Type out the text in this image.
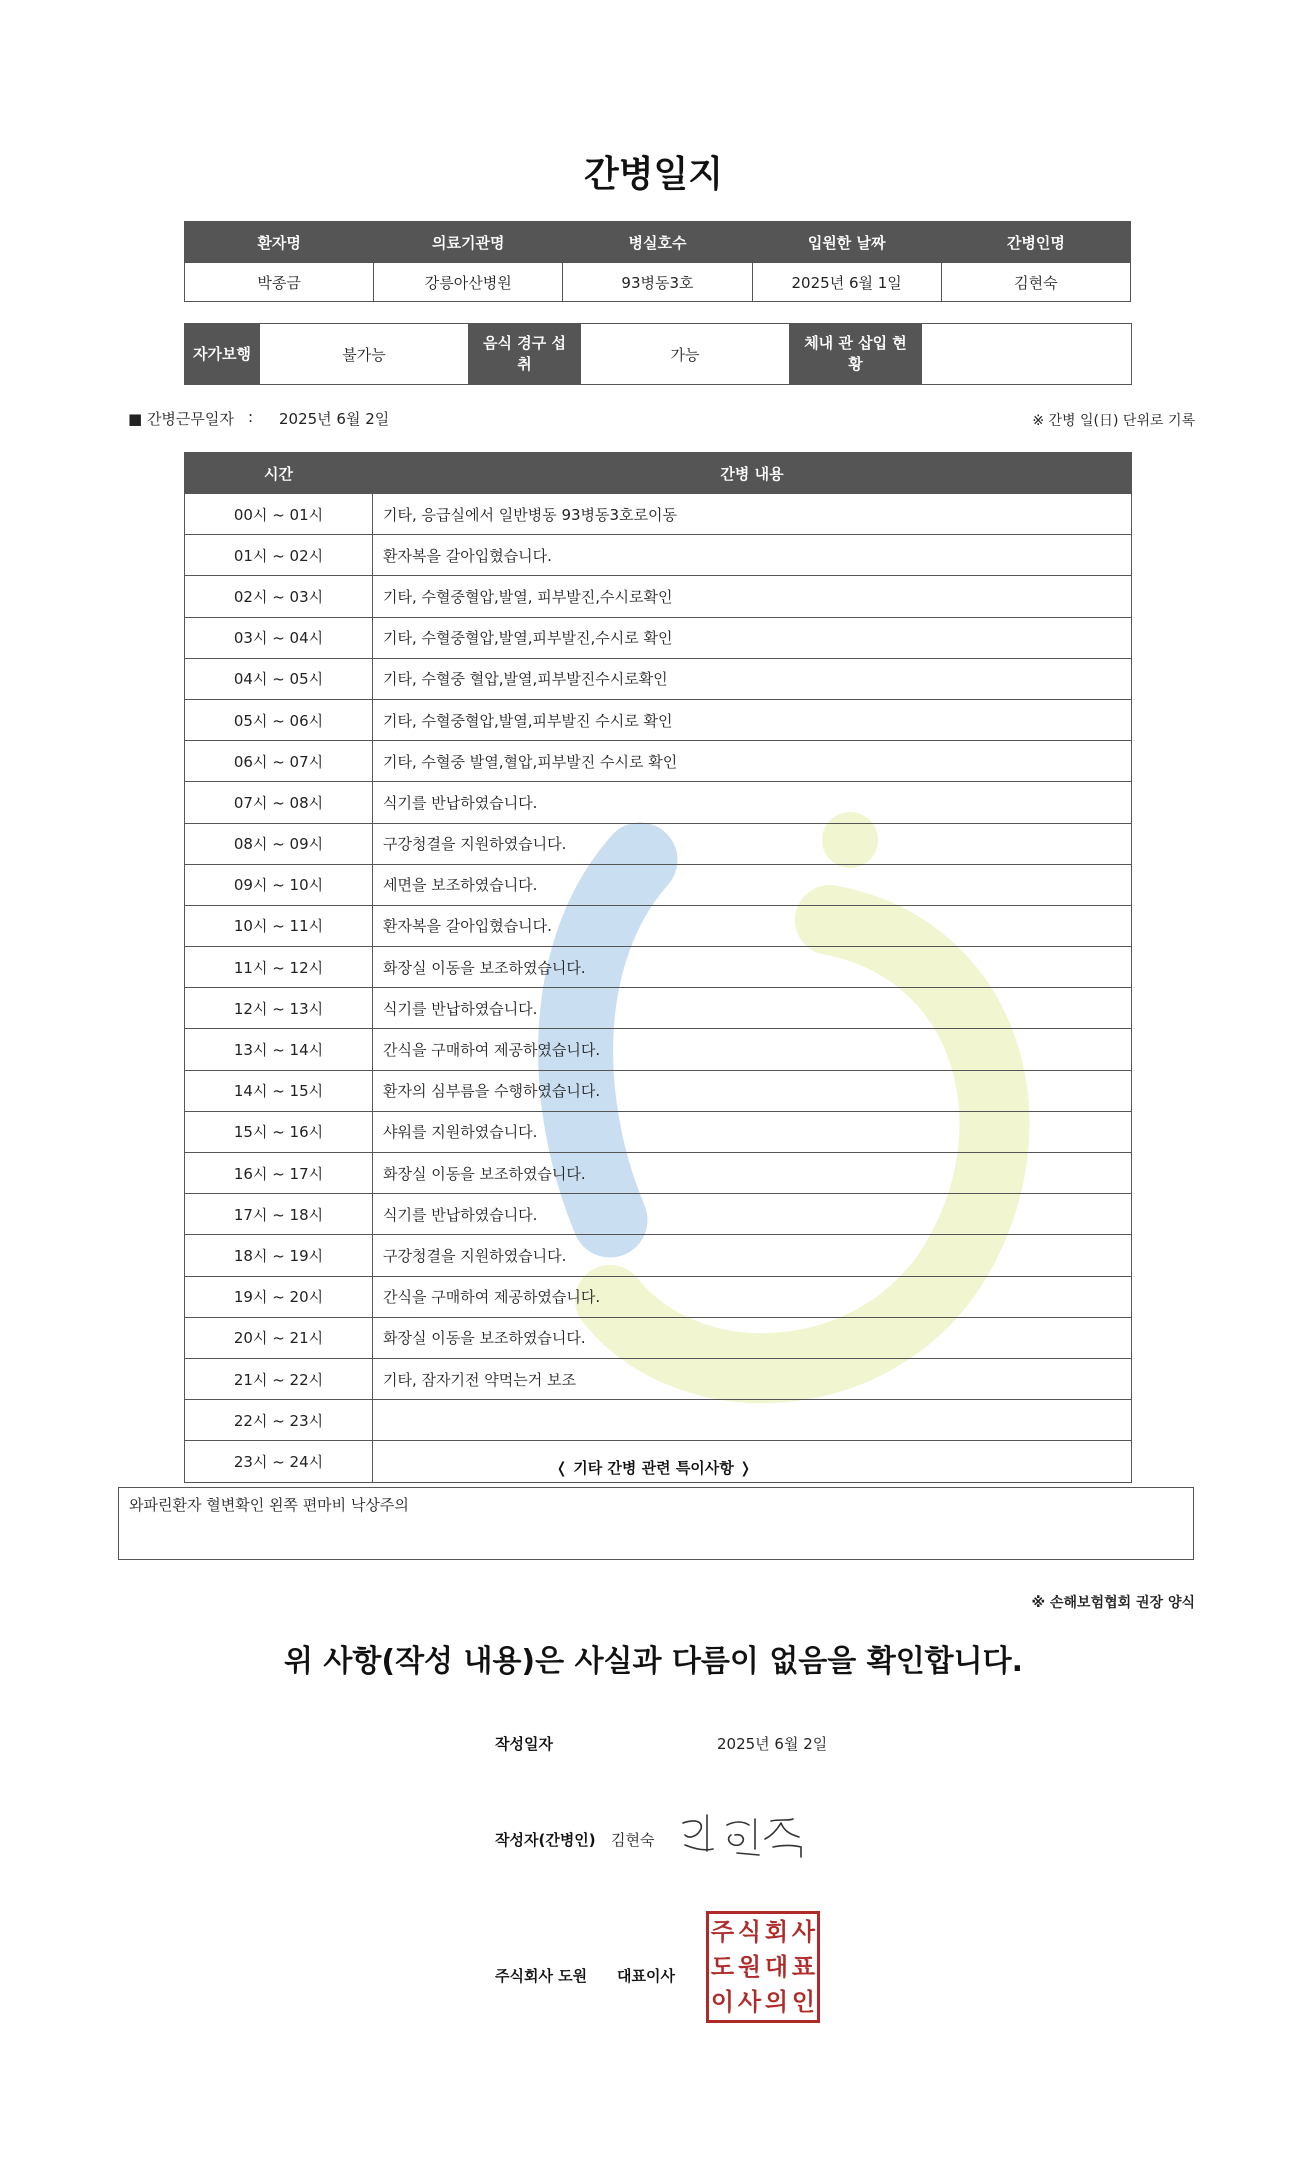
간병일지
환자명	의료기관명	병실호수	입원한 날짜	간병인명
박종금	강릉아산병원	93병동3호	2025년 6월 1일	김현숙
자가보행	불가능	음식 경구 섭취	가능	체내 관 삽입 현황	
■ 간병근무일자 : 2025년 6월 2일	※ 간병 일(日) 단위로 기록
시간	간병 내용
00시 ~ 01시	기타, 응급실에서 일반병동 93병동3호로이동
01시 ~ 02시	환자복을 갈아입혔습니다.
02시 ~ 03시	기타, 수혈중혈압,발열, 피부발진,수시로확인
03시 ~ 04시	기타, 수혈중혈압,발열,피부발진,수시로 확인
04시 ~ 05시	기타, 수혈중 혈압,발열,피부발진수시로확인
05시 ~ 06시	기타, 수혈중혈압,발열,피부발진 수시로 확인
06시 ~ 07시	기타, 수혈중 발열,혈압,피부발진 수시로 확인
07시 ~ 08시	식기를 반납하였습니다.
08시 ~ 09시	구강청결을 지원하였습니다.
09시 ~ 10시	세면을 보조하였습니다.
10시 ~ 11시	환자복을 갈아입혔습니다.
11시 ~ 12시	화장실 이동을 보조하였습니다.
12시 ~ 13시	식기를 반납하였습니다.
13시 ~ 14시	간식을 구매하여 제공하였습니다.
14시 ~ 15시	환자의 심부름을 수행하였습니다.
15시 ~ 16시	샤워를 지원하였습니다.
16시 ~ 17시	화장실 이동을 보조하였습니다.
17시 ~ 18시	식기를 반납하였습니다.
18시 ~ 19시	구강청결을 지원하였습니다.
19시 ~ 20시	간식을 구매하여 제공하였습니다.
20시 ~ 21시	화장실 이동을 보조하였습니다.
21시 ~ 22시	기타, 잠자기전 약먹는거 보조
22시 ~ 23시	
23시 ~ 24시		❬ 기타 간병 관련 특이사항 ❭
와파린환자 혈변확인 왼쪽 편마비 낙상주의
※ 손해보험협회 권장 양식
위 사항(작성 내용)은 사실과 다름이 없음을 확인합니다.
작성일자	2025년 6월 2일
작성자(간병인) 김현숙
주식회사 도원 대표이사
주 식 회 사
도 원 대 표
이 사 의 인
